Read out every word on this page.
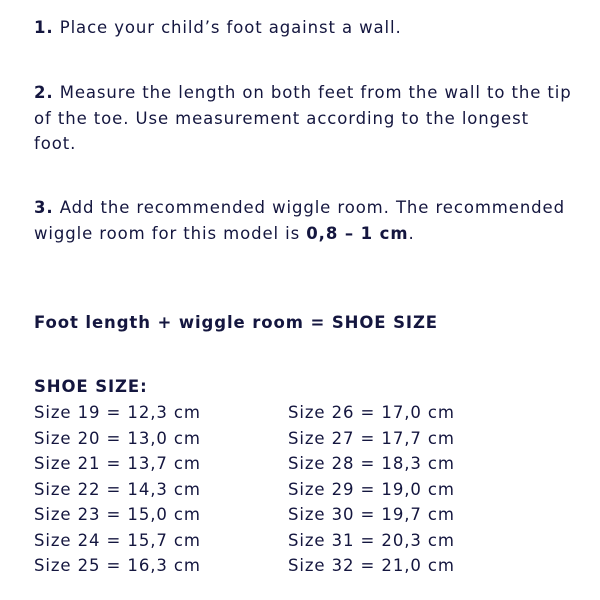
1. Place your child’s foot against a wall.
2. Measure the length on both feet from the wall to the tip of the toe. Use measurement according to the longest foot.
3. Add the recommended wiggle room. The recommended wiggle room for this model is 0,8 – 1 cm.
Foot length + wiggle room = SHOE SIZE
SHOE SIZE:
Size 19 = 12,3 cm
Size 20 = 13,0 cm
Size 21 = 13,7 cm
Size 22 = 14,3 cm
Size 23 = 15,0 cm
Size 24 = 15,7 cm
Size 25 = 16,3 cm
Size 26 = 17,0 cm
Size 27 = 17,7 cm
Size 28 = 18,3 cm
Size 29 = 19,0 cm
Size 30 = 19,7 cm
Size 31 = 20,3 cm
Size 32 = 21,0 cm
